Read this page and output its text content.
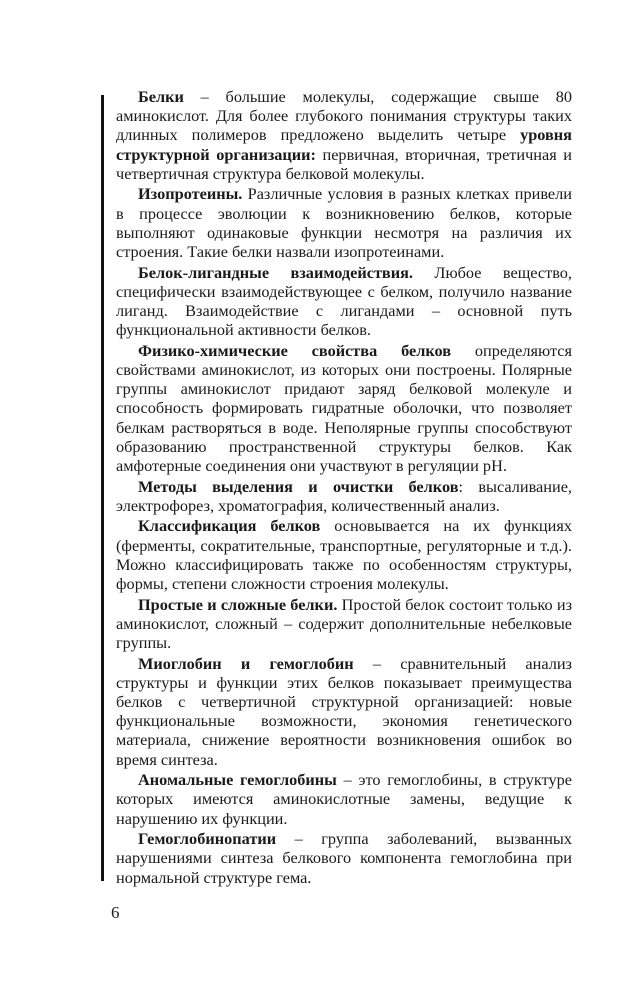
Белки – большие молекулы, содержащие свыше 80 аминокислот. Для более глубокого понимания структуры таких длинных полимеров предложено выделить четыре уровня структурной организации: первичная, вторичная, третичная и четвертичная структура белковой молекулы.

Изопротеины. Различные условия в разных клетках привели в процессе эволюции к возникновению белков, которые выполняют одинаковые функции несмотря на различия их строения. Такие белки назвали изопротеинами.

Белок-лигандные взаимодействия. Любое вещество, специфически взаимодействующее с белком, получило название лиганд. Взаимодействие с лигандами – основной путь функциональной активности белков.

Физико-химические свойства белков определяются свойствами аминокислот, из которых они построены. Полярные группы аминокислот придают заряд белковой молекуле и способность формировать гидратные оболочки, что позволяет белкам растворяться в воде. Неполярные группы способствуют образованию пространственной структуры белков. Как амфотерные соединения они участвуют в регуляции pH.

Методы выделения и очистки белков: высаливание, электрофорез, хроматография, количественный анализ.

Классификация белков основывается на их функциях (ферменты, сократительные, транспортные, регуляторные и т.д.). Можно классифицировать также по особенностям структуры, формы, степени сложности строения молекулы.

Простые и сложные белки. Простой белок состоит только из аминокислот, сложный – содержит дополнительные небелковые группы.

Миоглобин и гемоглобин – сравнительный анализ структуры и функции этих белков показывает преимущества белков с четвертичной структурной организацией: новые функциональные возможности, экономия генетического материала, снижение вероятности возникновения ошибок во время синтеза.

Аномальные гемоглобины – это гемоглобины, в структуре которых имеются аминокислотные замены, ведущие к нарушению их функции.

Гемоглобинопатии – группа заболеваний, вызванных нарушениями синтеза белкового компонента гемоглобина при нормальной структуре гема.

6
